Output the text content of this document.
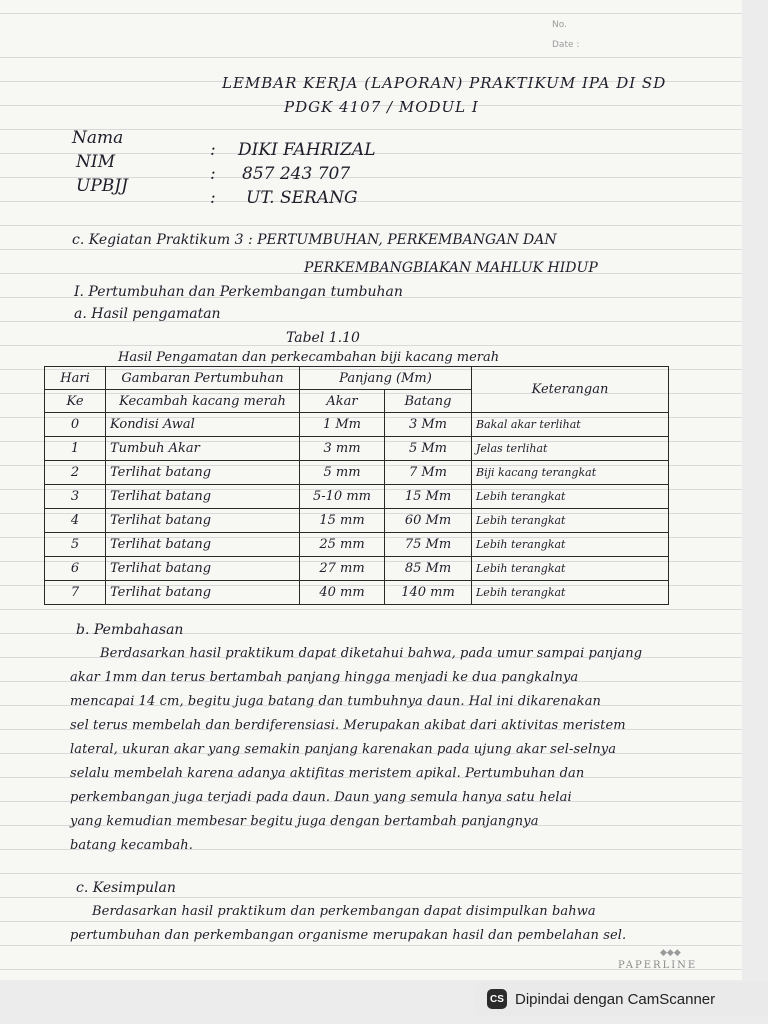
No.
Date :
LEMBAR KERJA (LAPORAN) PRAKTIKUM IPA DI SD
PDGK 4107 / MODUL I
Nama
: DIKI FAHRIZAL
NIM
: 857 243 707
UPBJJ
: UT. SERANG
c. Kegiatan Praktikum 3 : PERTUMBUHAN, PERKEMBANGAN DAN
PERKEMBANGBIAKAN MAHLUK HIDUP
I. Pertumbuhan dan Perkembangan tumbuhan
a. Hasil pengamatan
Tabel 1.10
Hasil Pengamatan dan perkecambahan biji kacang merah
Hari	Gambaran Pertumbuhan	Panjang (Mm)		Keterangan
Ke	Kecambah kacang merah	Akar	Batang	
0	Kondisi Awal	1 Mm	3 Mm	Bakal akar terlihat
1	Tumbuh Akar	3 mm	5 Mm	Jelas terlihat
2	Terlihat batang	5 mm	7 Mm	Biji kacang terangkat
3	Terlihat batang	5-10 mm	15 Mm	Lebih terangkat
4	Terlihat batang	15 mm	60 Mm	Lebih terangkat
5	Terlihat batang	25 mm	75 Mm	Lebih terangkat
6	Terlihat batang	27 mm	85 Mm	Lebih terangkat
7	Terlihat batang	40 mm	140 mm	Lebih terangkat
b. Pembahasan
Berdasarkan hasil praktikum dapat diketahui bahwa, pada umur sampai panjang
akar 1mm dan terus bertambah panjang hingga menjadi ke dua pangkalnya
mencapai 14 cm, begitu juga batang dan tumbuhnya daun. Hal ini dikarenakan
sel terus membelah dan berdiferensiasi. Merupakan akibat dari aktivitas meristem
lateral, ukuran akar yang semakin panjang karenakan pada ujung akar sel-selnya
selalu membelah karena adanya aktifitas meristem apikal. Pertumbuhan dan
perkembangan juga terjadi pada daun. Daun yang semula hanya satu helai
yang kemudian membesar begitu juga dengan bertambah panjangnya
batang kecambah.
c. Kesimpulan
Berdasarkan hasil praktikum dan perkembangan dapat disimpulkan bahwa
pertumbuhan dan perkembangan organisme merupakan hasil dan pembelahan sel.
◆◆◆
PAPERLINE
CS Dipindai dengan CamScanner
